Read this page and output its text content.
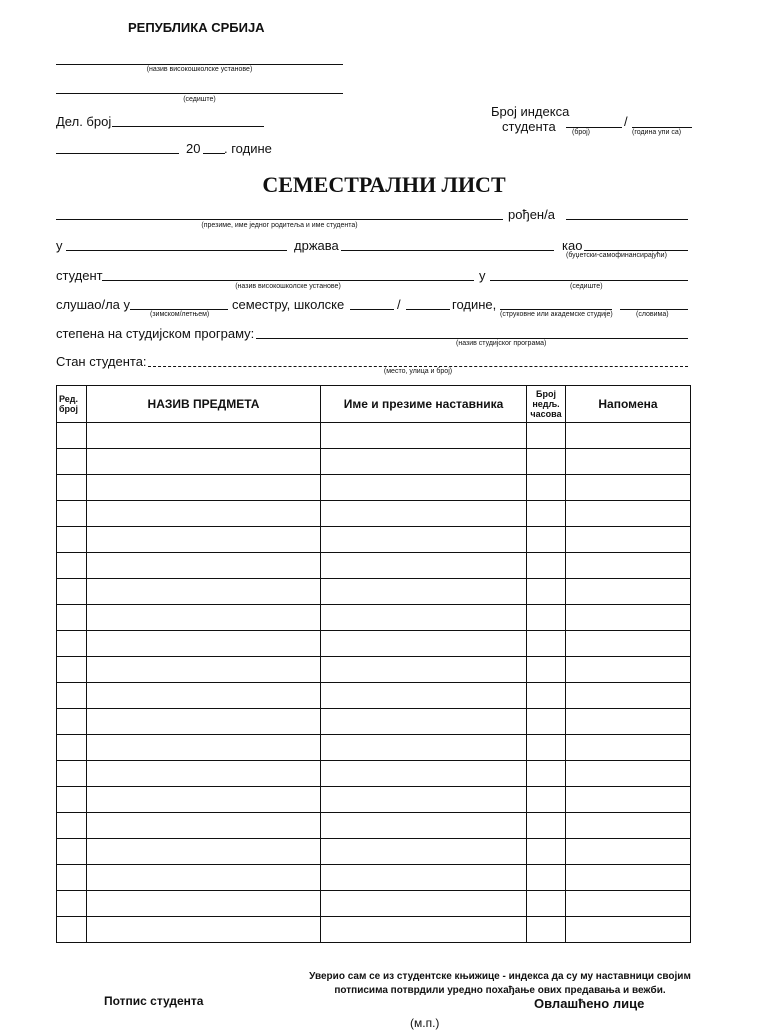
РЕПУБЛИКА СРБИЈА
(назив високошколске установе)
(седиште)
Дел. број
20 . године
Број индекса
студента	/
(број)	(година упи са)
СЕМЕСТРАЛНИ ЛИСТ
(презиме, име једног родитеља и име студента)
рођен/а
у	држава	као
(буџетски-самофинансирајући)
студент
(назив високошколске установе)
у
(седиште)
слушао/ла у
(зимском/летњем)
семестру, школске	/	године,
(струковне или академске студије)	(словима)
степена на студијском програму:
(назив студијског програма)
Стан студента:
(место, улица и број)
Ред. број	НАЗИВ ПРЕДМЕТА	Име и презиме наставника	Број недљ. часова	Напомена

Уверио сам се из студентске књижице - индекса да су му наставници својим
потписима потврдили уредно похађање ових предавања и вежби.
Потпис студента	Овлашћено лице
(м.п.)
